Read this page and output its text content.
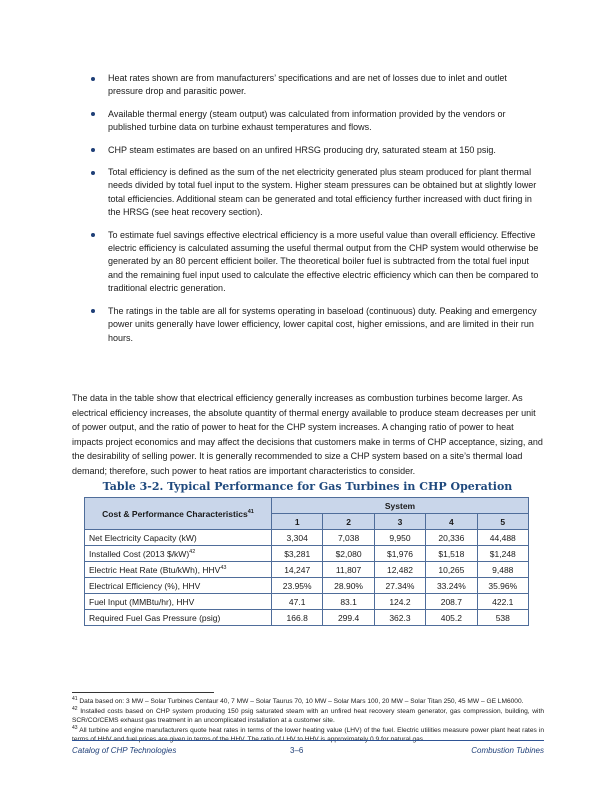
Heat rates shown are from manufacturers’ specifications and are net of losses due to inlet and outlet pressure drop and parasitic power.
Available thermal energy (steam output) was calculated from information provided by the vendors or published turbine data on turbine exhaust temperatures and flows.
CHP steam estimates are based on an unfired HRSG producing dry, saturated steam at 150 psig.
Total efficiency is defined as the sum of the net electricity generated plus steam produced for plant thermal needs divided by total fuel input to the system. Higher steam pressures can be obtained but at slightly lower total efficiencies. Additional steam can be generated and total efficiency further increased with duct firing in the HRSG (see heat recovery section).
To estimate fuel savings effective electrical efficiency is a more useful value than overall efficiency. Effective electric efficiency is calculated assuming the useful thermal output from the CHP system would otherwise be generated by an 80 percent efficient boiler. The theoretical boiler fuel is subtracted from the total fuel input and the remaining fuel input used to calculate the effective electric efficiency which can then be compared to traditional electric generation.
The ratings in the table are all for systems operating in baseload (continuous) duty. Peaking and emergency power units generally have lower efficiency, lower capital cost, higher emissions, and are limited in their run hours.

The data in the table show that electrical efficiency generally increases as combustion turbines become larger. As electrical efficiency increases, the absolute quantity of thermal energy available to produce steam decreases per unit of power output, and the ratio of power to heat for the CHP system increases. A changing ratio of power to heat impacts project economics and may affect the decisions that customers make in terms of CHP acceptance, sizing, and the desirability of selling power. It is generally recommended to size a CHP system based on a site’s thermal load demand; therefore, such power to heat ratios are important characteristics to consider.

Table 3-2. Typical Performance for Gas Turbines in CHP Operation
Cost & Performance Characteristics$^{41}$	System				
	1	2	3	4	5
Net Electricity Capacity (kW)	3,304	7,038	9,950	20,336	44,488
Installed Cost (2013 $/kW)$^{42}$	$3,281	$2,080	$1,976	$1,518	$1,248
Electric Heat Rate (Btu/kWh), HHV$^{43}$	14,247	11,807	12,482	10,265	9,488
Electrical Efficiency (%), HHV	23.95%	28.90%	27.34%	33.24%	35.96%
Fuel Input (MMBtu/hr), HHV	47.1	83.1	124.2	208.7	422.1
Required Fuel Gas Pressure (psig)	166.8	299.4	362.3	405.2	538

$^{41}$ Data based on: 3 MW – Solar Turbines Centaur 40, 7 MW – Solar Taurus 70, 10 MW – Solar Mars 100, 20 MW – Solar Titan 250, 45 MW – GE LM6000.

$^{42}$ Installed costs based on CHP system producing 150 psig saturated steam with an unfired heat recovery steam generator, gas compression, building, with SCR/CO/CEMS exhaust gas treatment in an uncomplicated installation at a customer site.

$^{43}$ All turbine and engine manufacturers quote heat rates in terms of the lower heating value (LHV) of the fuel. Electric utilities measure power plant heat rates in terms of HHV and fuel prices are given in terms of the HHV. The ratio of LHV to HHV is approximately 0.9 for natural gas.

Catalog of CHP Technologies	3–6	Combustion Tubines
